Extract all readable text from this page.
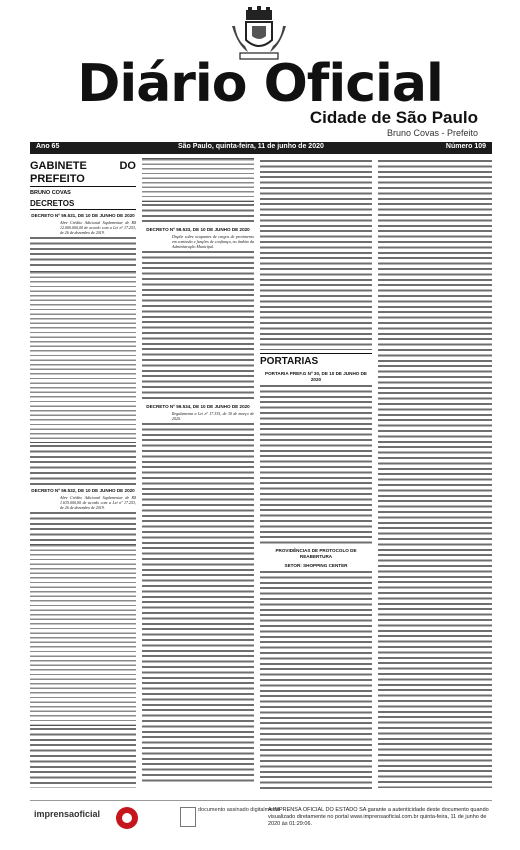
Diário Oficial
Cidade de São Paulo
Bruno Covas - Prefeito
Ano 65	São Paulo, quinta-feira, 11 de junho de 2020	Número 109
GABINETE DO PREFEITO
BRUNO COVAS
DECRETOS
DECRETO Nº 59.531, DE 10 DE JUNHO DE 2020
Abre Crédito Adicional Suplementar de R$ 12.000.000,00 de acordo com a Lei nº 17.253, de 26 de dezembro de 2019.
DECRETO Nº 59.532, DE 10 DE JUNHO DE 2020
Abre Crédito Adicional Suplementar de R$ 1.635.000,00 de acordo com a Lei nº 17.253, de 26 de dezembro de 2019.
DECRETO Nº 59.533, DE 10 DE JUNHO DE 2020
Dispõe sobre ocupantes de cargos de provimento em comissão e funções de confiança, no âmbito da Administração Municipal.
DECRETO Nº 59.534, DE 10 DE JUNHO DE 2020
Regulamenta a Lei nº 17.335, de 30 de março de 2020.
PORTARIAS
PORTARIA PREF.G Nº 30, DE 10 DE JUNHO DE 2020
PROVIDÊNCIAS DE PROTOCOLO DE REABERTURA
SETOR: SHOPPING CENTER
imprensaoficial	documento assinado digitalmente
A IMPRENSA OFICIAL DO ESTADO SA garante a autenticidade deste documento quando visualizado diretamente no portal www.imprensaoficial.com.br quinta-feira, 11 de junho de 2020 às 01:29:06.
